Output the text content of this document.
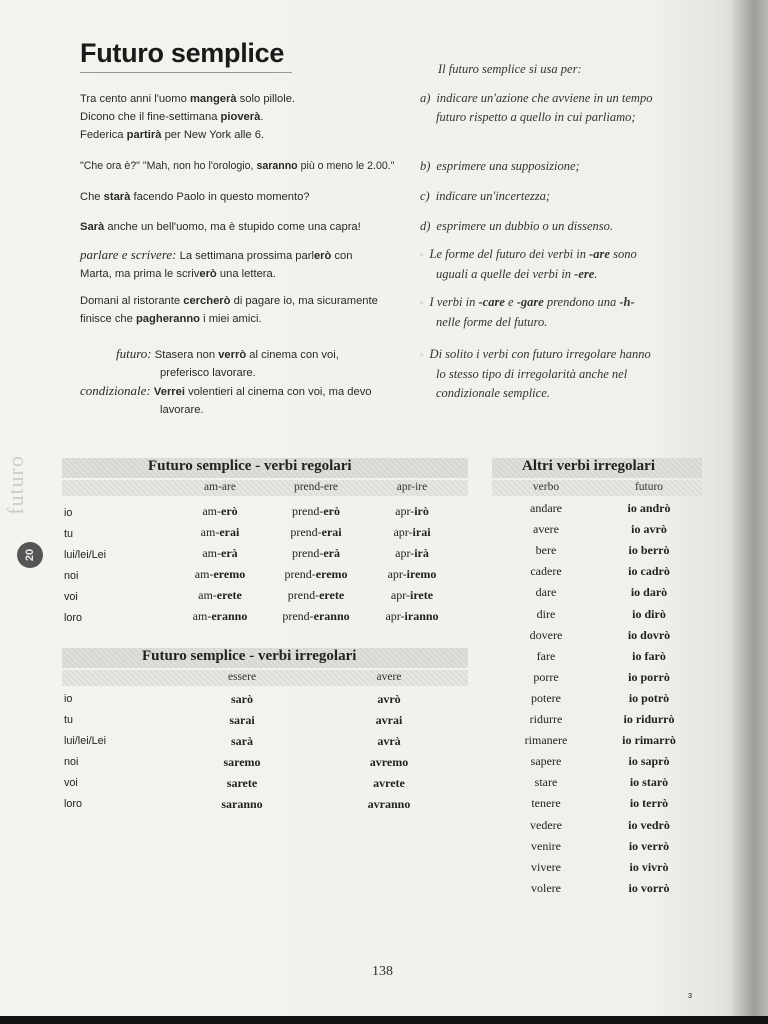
Futuro semplice
Tra cento anni l'uomo mangerà solo pillole.
Dicono che il fine-settimana pioverà.
Federica partirà per New York alle 6.
"Che ora è?" "Mah, non ho l'orologio, saranno più o meno le 2.00."
Che starà facendo Paolo in questo momento?
Sarà anche un bell'uomo, ma è stupido come una capra!
parlare e scrivere: La settimana prossima parlerò con
Marta, ma prima le scriverò una lettera.
Domani al ristorante cercherò di pagare io, ma sicuramente
finisce che pagheranno i miei amici.
futuro: Stasera non verrò al cinema con voi,
preferisco lavorare.
condizionale: Verrei volentieri al cinema con voi, ma devo
lavorare.
Il futuro semplice si usa per:
a) indicare un'azione che avviene in un tempo
futuro rispetto a quello in cui parliamo;
b) esprimere una supposizione;
c) indicare un'incertezza;
d) esprimere un dubbio o un dissenso.
▫ Le forme del futuro dei verbi in -are sono
uguali a quelle dei verbi in -ere.
▫ I verbi in -care e -gare prendono una -h-
nelle forme del futuro.
▫ Di solito i verbi con futuro irregolare hanno
lo stesso tipo di irregolarità anche nel
condizionale semplice.
futuro
20
Futuro semplice - verbi regolari
am-are	prend-ere	apr-ire
io	am-erò	prend-erò	apr-irò
tu	am-erai	prend-erai	apr-irai
lui/lei/Lei	am-erà	prend-erà	apr-irà
noi	am-eremo	prend-eremo	apr-iremo
voi	am-erete	prend-erete	apr-irete
loro	am-eranno	prend-eranno	apr-iranno
Futuro semplice - verbi irregolari
essere	avere
io	sarò	avrò
tu	sarai	avrai
lui/lei/Lei	sarà	avrà
noi	saremo	avremo
voi	sarete	avrete
loro	saranno	avranno
Altri verbi irregolari
verbo	futuro
andare	io andrò
avere	io avrò
bere	io berrò
cadere	io cadrò
dare	io darò
dire	io dirò
dovere	io dovrò
fare	io farò
porre	io porrò
potere	io potrò
ridurre	io ridurrò
rimanere	io rimarrò
sapere	io saprò
stare	io starò
tenere	io terrò
vedere	io vedrò
venire	io verrò
vivere	io vivrò
volere	io vorrò
138
ɜ
